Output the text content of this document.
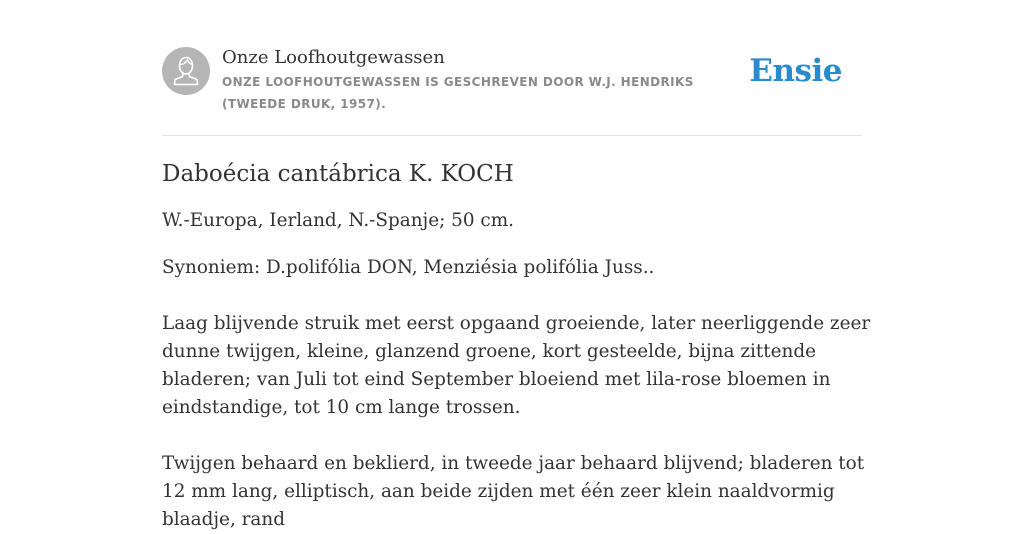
Onze Loofhoutgewassen
ONZE LOOFHOUTGEWASSEN IS GESCHREVEN DOOR W.J. HENDRIKS (TWEEDE DRUK, 1957).
Ensie
Daboécia cantábrica K. KOCH

W.-Europa, Ierland, N.-Spanje; 50 cm.

Synoniem: D.polifólia DON, Menziésia polifólia Juss..

Laag blijvende struik met eerst opgaand groeiende, later neerliggende zeer dunne twijgen, kleine, glanzend groene, kort gesteelde, bijna zittende bladeren; van Juli tot eind September bloeiend met lila-rose bloemen in eindstandige, tot 10 cm lange trossen.

Twijgen behaard en beklierd, in tweede jaar behaard blijvend; bladeren tot 12 mm lang, elliptisch, aan beide zijden met één zeer klein naaldvormig blaadje, rand
